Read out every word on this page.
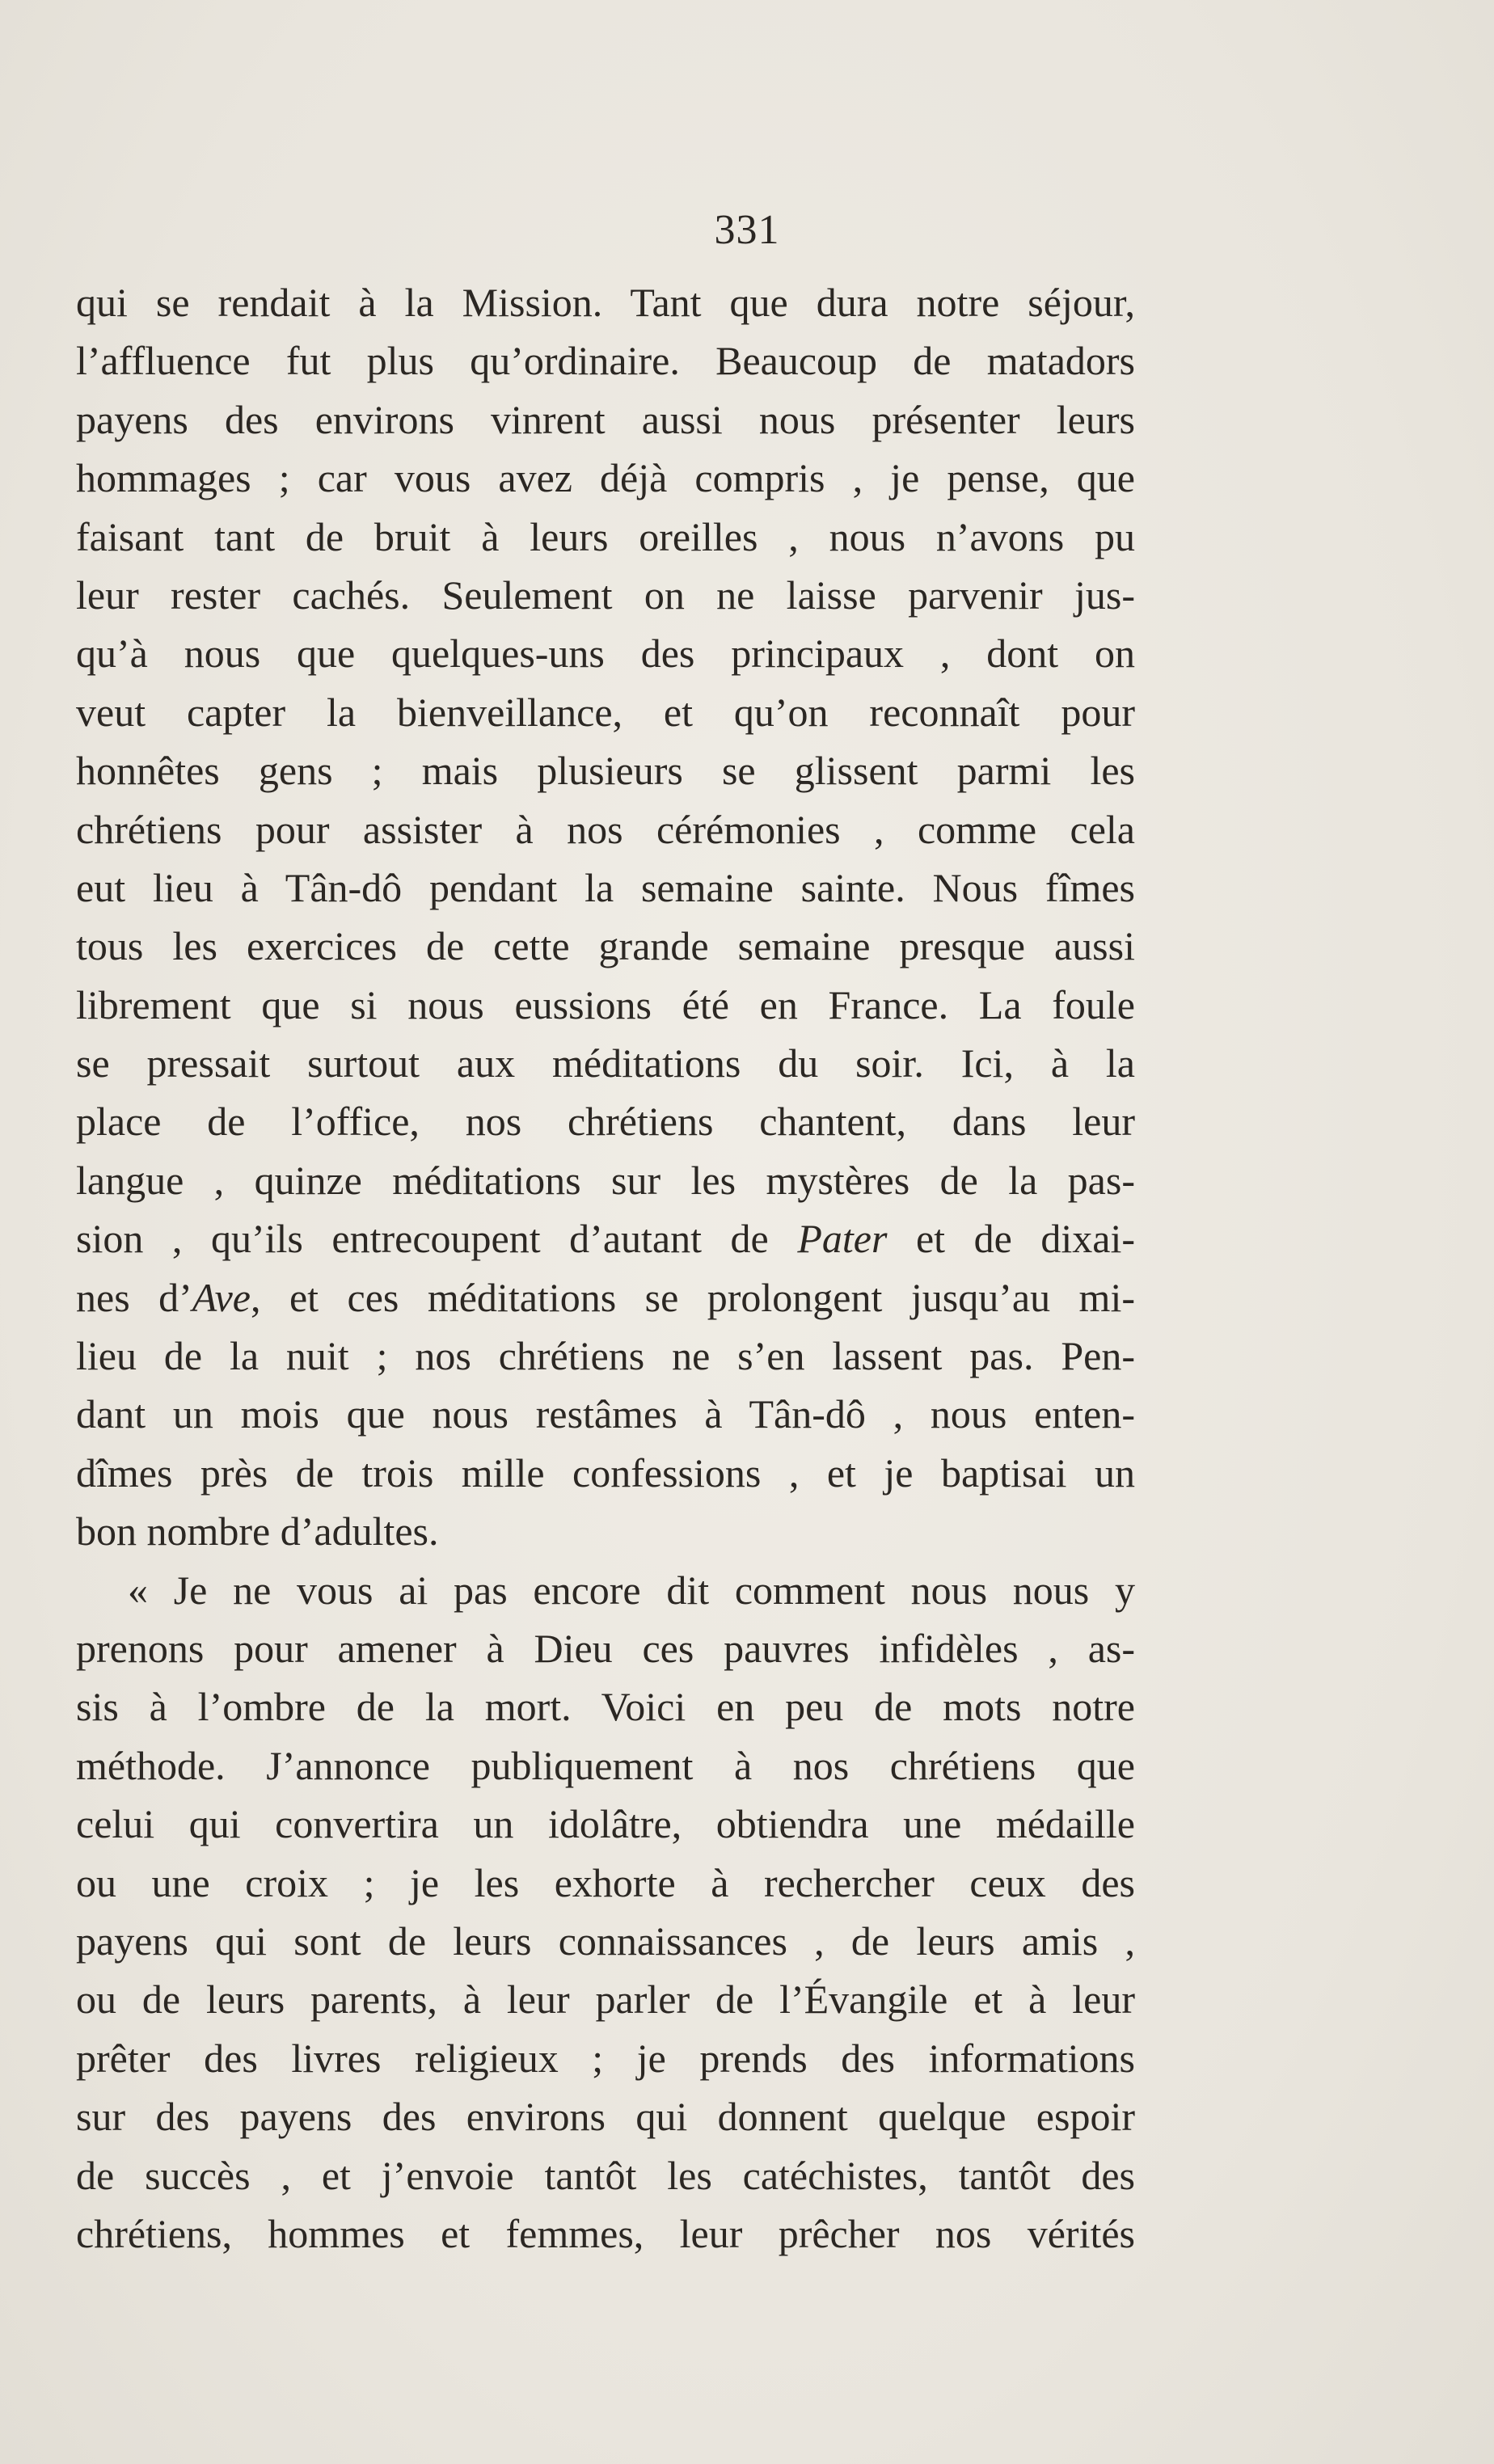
331
qui se rendait à la Mission. Tant que dura notre séjour,
l’affluence fut plus qu’ordinaire. Beaucoup de matadors
payens des environs vinrent aussi nous présenter leurs
hommages ; car vous avez déjà compris , je pense, que
faisant tant de bruit à leurs oreilles , nous n’avons pu
leur rester cachés. Seulement on ne laisse parvenir jus-
qu’à nous que quelques-uns des principaux , dont on
veut capter la bienveillance, et qu’on reconnaît pour
honnêtes gens ; mais plusieurs se glissent parmi les
chrétiens pour assister à nos cérémonies , comme cela
eut lieu à Tân-dô pendant la semaine sainte. Nous fîmes
tous les exercices de cette grande semaine presque aussi
librement que si nous eussions été en France. La foule
se pressait surtout aux méditations du soir. Ici, à la
place de l’office, nos chrétiens chantent, dans leur
langue , quinze méditations sur les mystères de la pas-
sion , qu’ils entrecoupent d’autant de Pater et de dixai-
nes d’Ave, et ces méditations se prolongent jusqu’au mi-
lieu de la nuit ; nos chrétiens ne s’en lassent pas. Pen-
dant un mois que nous restâmes à Tân-dô , nous enten-
dîmes près de trois mille confessions , et je baptisai un
bon nombre d’adultes.
« Je ne vous ai pas encore dit comment nous nous y
prenons pour amener à Dieu ces pauvres infidèles , as-
sis à l’ombre de la mort. Voici en peu de mots notre
méthode. J’annonce publiquement à nos chrétiens que
celui qui convertira un idolâtre, obtiendra une médaille
ou une croix ; je les exhorte à rechercher ceux des
payens qui sont de leurs connaissances , de leurs amis ,
ou de leurs parents, à leur parler de l’Évangile et à leur
prêter des livres religieux ; je prends des informations
sur des payens des environs qui donnent quelque espoir
de succès , et j’envoie tantôt les catéchistes, tantôt des
chrétiens, hommes et femmes, leur prêcher nos vérités
